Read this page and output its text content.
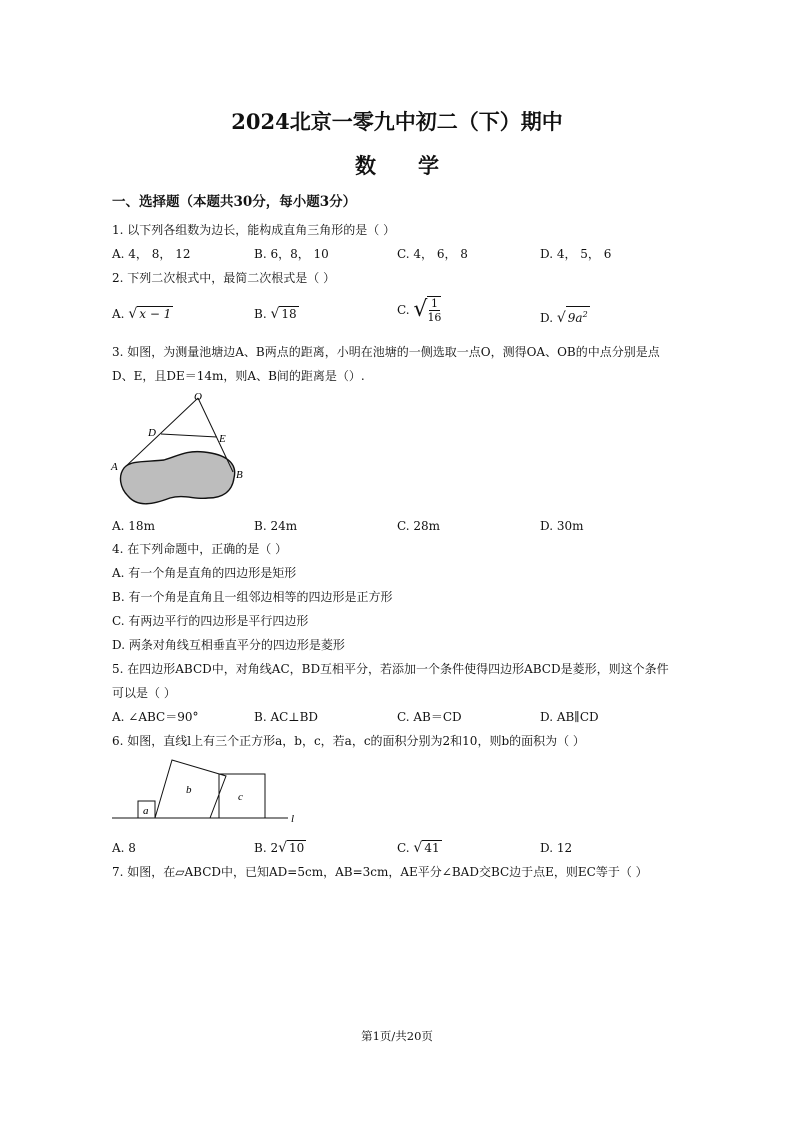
2024北京一零九中初二（下）期中
数学
一、选择题（本题共30分，每小题3分）
1. 以下列各组数为边长，能构成直角三角形的是（ ）
A. 4， 8， 12	B. 6，8， 10	C. 4， 6， 8	D. 4， 5， 6
2. 下列二次根式中，最简二次根式是（ ）
A. √ x − 1	B. √ 18	C. √ $\frac{1}{16}$	D. √ $9a^2$
3. 如图，为测量池塘边A、B两点的距离，小明在池塘的一侧选取一点O，测得OA、OB的中点分别是点
D、E，且DE＝14m，则A、B间的距离是（）.
O
D	E
A
B
A. 18m	B. 24m	C. 28m	D. 30m
4. 在下列命题中，正确的是（ ）
A. 有一个角是直角的四边形是矩形
B. 有一个角是直角且一组邻边相等的四边形是正方形
C. 有两边平行的四边形是平行四边形
D. 两条对角线互相垂直平分的四边形是菱形
5. 在四边形ABCD中，对角线AC，BD互相平分，若添加一个条件使得四边形ABCD是菱形，则这个条件
可以是（ ）
A. ∠ABC＝90°	B. AC⊥BD	C. AB＝CD	D. AB∥CD
6. 如图，直线l上有三个正方形a，b，c，若a，c的面积分别为2和10，则b的面积为（ ）
a
b
c
l
A. 8	B. 2√ 10	C. √ 41	D. 12
7. 如图，在▱ABCD中，已知AD=5cm，AB=3cm，AE平分∠BAD交BC边于点E，则EC等于（ ）
第1页/共20页
